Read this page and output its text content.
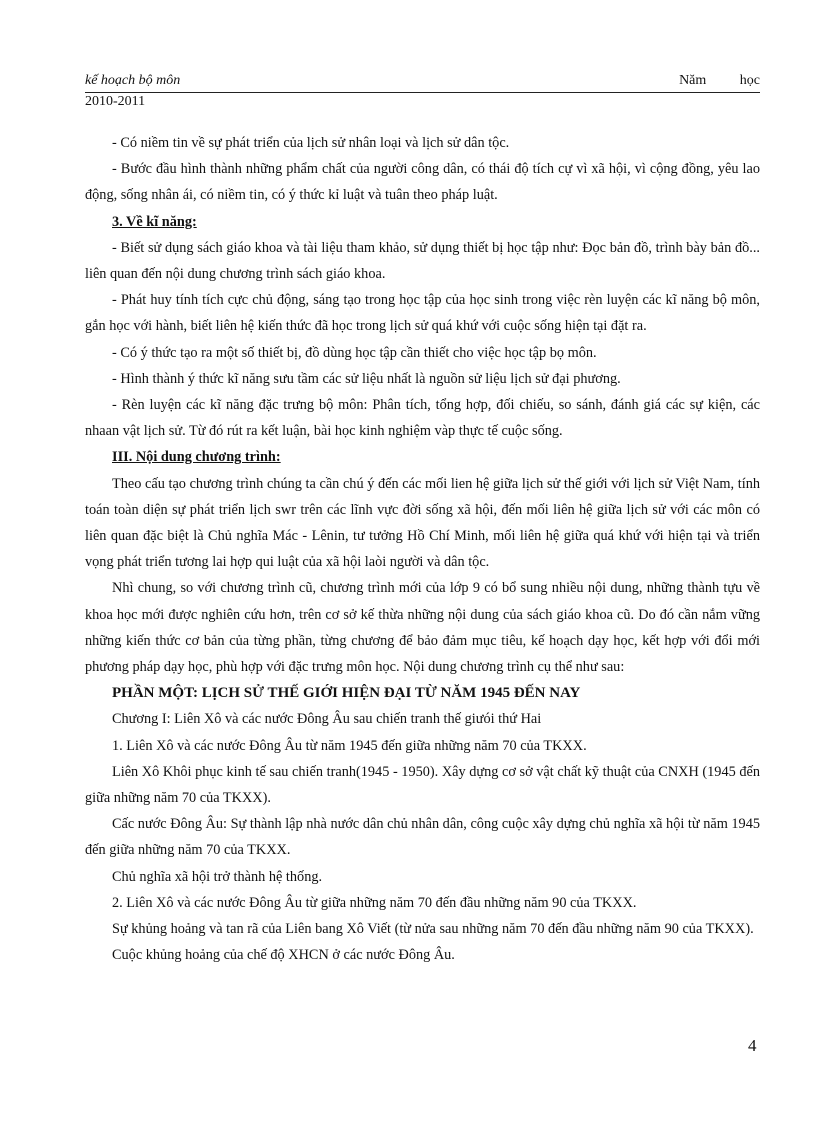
kế hoạch bộ môn	Năm học
2010-2011

- Có niềm tin về sự phát triển của lịch sử nhân loại và lịch sử dân tộc.

- Bước đầu hình thành những phẩm chất của người công dân, có thái độ tích cự vì xã hội, vì cộng đồng, yêu lao động, sống nhân ái, có niềm tin, có ý thức kỉ luật và tuân theo pháp luật.

3. Về kĩ năng:

- Biết sử dụng sách giáo khoa và tài liệu tham khảo, sử dụng thiết bị học tập như: Đọc bản đồ, trình bày bản đồ... liên quan đến nội dung chương trình sách giáo khoa.

- Phát huy tính tích cực chủ động, sáng tạo trong học tập của học sinh trong việc rèn luyện các kĩ năng bộ môn, gắn học với hành, biết liên hệ kiến thức đã học trong lịch sử quá khứ với cuộc sống hiện tại đặt ra.

- Có ý thức tạo ra một số thiết bị, đồ dùng học tập cần thiết cho việc học tập bọ môn.

- Hình thành ý thức kĩ năng sưu tầm các sử liệu nhất là nguồn sử liệu lịch sử đại phương.

- Rèn luyện các kĩ năng đặc trưng bộ môn: Phân tích, tổng hợp, đối chiếu, so sánh, đánh giá các sự kiện, các nhaan vật lịch sử. Từ đó rút ra kết luận, bài học kinh nghiệm vàp thực tế cuộc sống.

III. Nội dung chương trình:

Theo cấu tạo chương trình chúng ta cần chú ý đến các mối lien hệ giữa lịch sử thế giới với lịch sử Việt Nam, tính toán toàn diện sự phát triển lịch swr trên các lĩnh vực đời sống xã hội, đến mối liên hệ giữa lịch sử với các môn có liên quan đặc biệt là Chủ nghĩa Mác - Lênin, tư tưởng Hồ Chí Minh, mối liên hệ giữa quá khứ với hiện tại và triển vọng phát triển tương lai hợp qui luật của xã hội laòi người và dân tộc.

Nhì chung, so với chương trình cũ, chương trình mới của lớp 9 có bổ sung nhiều nội dung, những thành tựu về khoa học mới được nghiên cứu hơn, trên cơ sở kế thừa những nội dung của sách giáo khoa cũ. Do đó cần nắm vững những kiến thức cơ bản của từng phần, từng chương để bảo đảm mục tiêu, kế hoạch dạy học, kết hợp với đổi mới phương pháp dạy học, phù hợp với đặc trưng môn học. Nội dung chương trình cụ thể như sau:

PHẦN MỘT: LỊCH SỬ THẾ GIỚI HIỆN ĐẠI TỪ NĂM 1945 ĐẾN NAY

Chương I: Liên Xô và các nước Đông Âu sau chiến tranh thế giưói thứ Hai

1. Liên Xô và các nước Đông Âu từ năm 1945 đến giữa những năm 70 của TKXX.

Liên Xô Khôi phục kinh tế sau chiến tranh(1945 - 1950). Xây dựng cơ sở vật chất kỹ thuật của CNXH (1945 đến giữa những năm 70 của TKXX).

Cấc nước Đông Âu: Sự thành lập nhà nước dân chủ nhân dân, công cuộc xây dựng chủ nghĩa xã hội từ năm 1945 đến giữa những năm 70 của TKXX.

Chủ nghĩa xã hội trở thành hệ thống.

2. Liên Xô và các nước Đông Âu từ giữa những năm 70 đến đầu những năm 90 của TKXX.

Sự khủng hoảng và tan rã của Liên bang Xô Viết (từ nửa sau những năm 70 đến đầu những năm 90 của TKXX).

Cuộc khủng hoảng của chế độ XHCN ở các nước Đông Âu.

4
